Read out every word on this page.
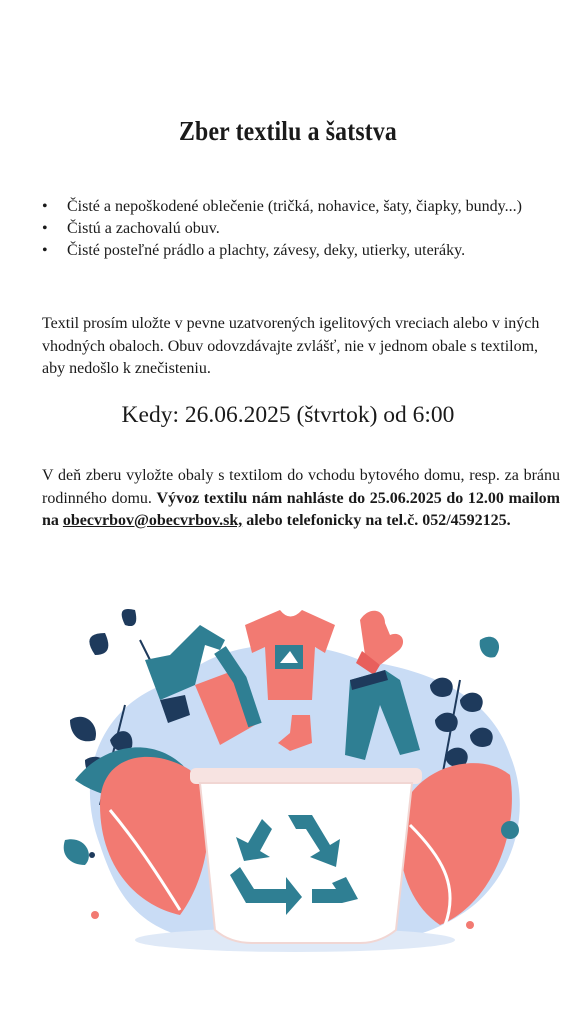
Zber textilu a šatstva
• Čisté a nepoškodené oblečenie (tričká, nohavice, šaty, čiapky, bundy...)
• Čistú a zachovalú obuv.
• Čisté posteľné prádlo a plachty, závesy, deky, utierky, uteráky.

Textil prosím uložte v pevne uzatvorených igelitových vreciach alebo v iných vhodných obaloch. Obuv odovzdávajte zvlášť, nie v jednom obale s textilom, aby nedošlo k znečisteniu.

Kedy: 26.06.2025 (štvrtok) od 6:00

V deň zberu vyložte obaly s textilom do vchodu bytového domu, resp. za bránu rodinného domu. Vývoz textilu nám nahláste do 25.06.2025 do 12.00 mailom na obecvrbov@obecvrbov.sk, alebo telefonicky na tel.č. 052/4592125.
